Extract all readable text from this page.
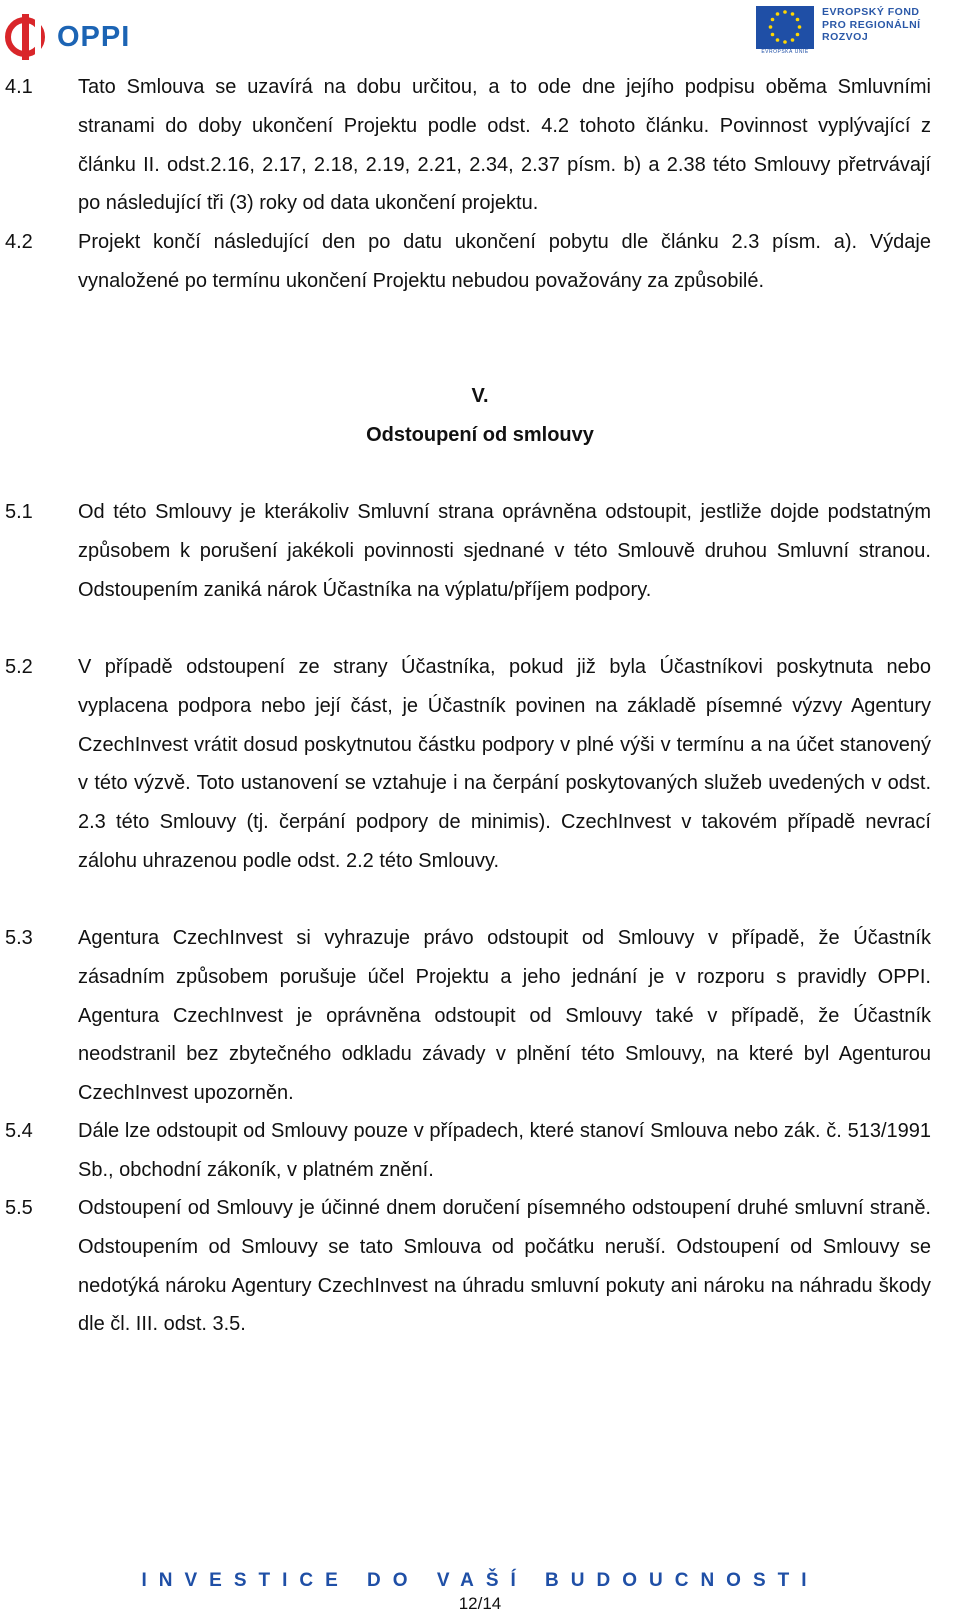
OPPI	EVROPSKÁ UNIE
EVROPSKÝ FOND
PRO REGIONÁLNÍ
ROZVOJ
4.1 Tato Smlouva se uzavírá na dobu určitou, a to ode dne jejího podpisu oběma Smluvními stranami do doby ukončení Projektu podle odst. 4.2 tohoto článku. Povinnost vyplývající z článku II. odst.2.16, 2.17, 2.18, 2.19, 2.21, 2.34, 2.37 písm. b) a 2.38 této Smlouvy přetrvávají po následující tři (3) roky od data ukončení projektu.
4.2 Projekt končí následující den po datu ukončení pobytu dle článku 2.3 písm. a). Výdaje vynaložené po termínu ukončení Projektu nebudou považovány za způsobilé.
V.
Odstoupení od smlouvy
5.1 Od této Smlouvy je kterákoliv Smluvní strana oprávněna odstoupit, jestliže dojde podstatným způsobem k porušení jakékoli povinnosti sjednané v této Smlouvě druhou Smluvní stranou. Odstoupením zaniká nárok Účastníka na výplatu/příjem podpory.
5.2 V případě odstoupení ze strany Účastníka, pokud již byla Účastníkovi poskytnuta nebo vyplacena podpora nebo její část, je Účastník povinen na základě písemné výzvy Agentury CzechInvest vrátit dosud poskytnutou částku podpory v plné výši v termínu a na účet stanovený v této výzvě. Toto ustanovení se vztahuje i na čerpání poskytovaných služeb uvedených v odst. 2.3 této Smlouvy (tj. čerpání podpory de minimis). CzechInvest v takovém případě nevrací zálohu uhrazenou podle odst. 2.2 této Smlouvy.
5.3 Agentura CzechInvest si vyhrazuje právo odstoupit od Smlouvy v případě, že Účastník zásadním způsobem porušuje účel Projektu a jeho jednání je v rozporu s pravidly OPPI. Agentura CzechInvest je oprávněna odstoupit od Smlouvy také v případě, že Účastník neodstranil bez zbytečného odkladu závady v plnění této Smlouvy, na které byl Agenturou CzechInvest upozorněn.
5.4 Dále lze odstoupit od Smlouvy pouze v případech, které stanoví Smlouva nebo zák. č. 513/1991 Sb., obchodní zákoník, v platném znění.
5.5 Odstoupení od Smlouvy je účinné dnem doručení písemného odstoupení druhé smluvní straně. Odstoupením od Smlouvy se tato Smlouva od počátku neruší. Odstoupení od Smlouvy se nedotýká nároku Agentury CzechInvest na úhradu smluvní pokuty ani nároku na náhradu škody dle čl. III. odst. 3.5.
INVESTICE DO VAŠÍ BUDOUCNOSTI
12/14
